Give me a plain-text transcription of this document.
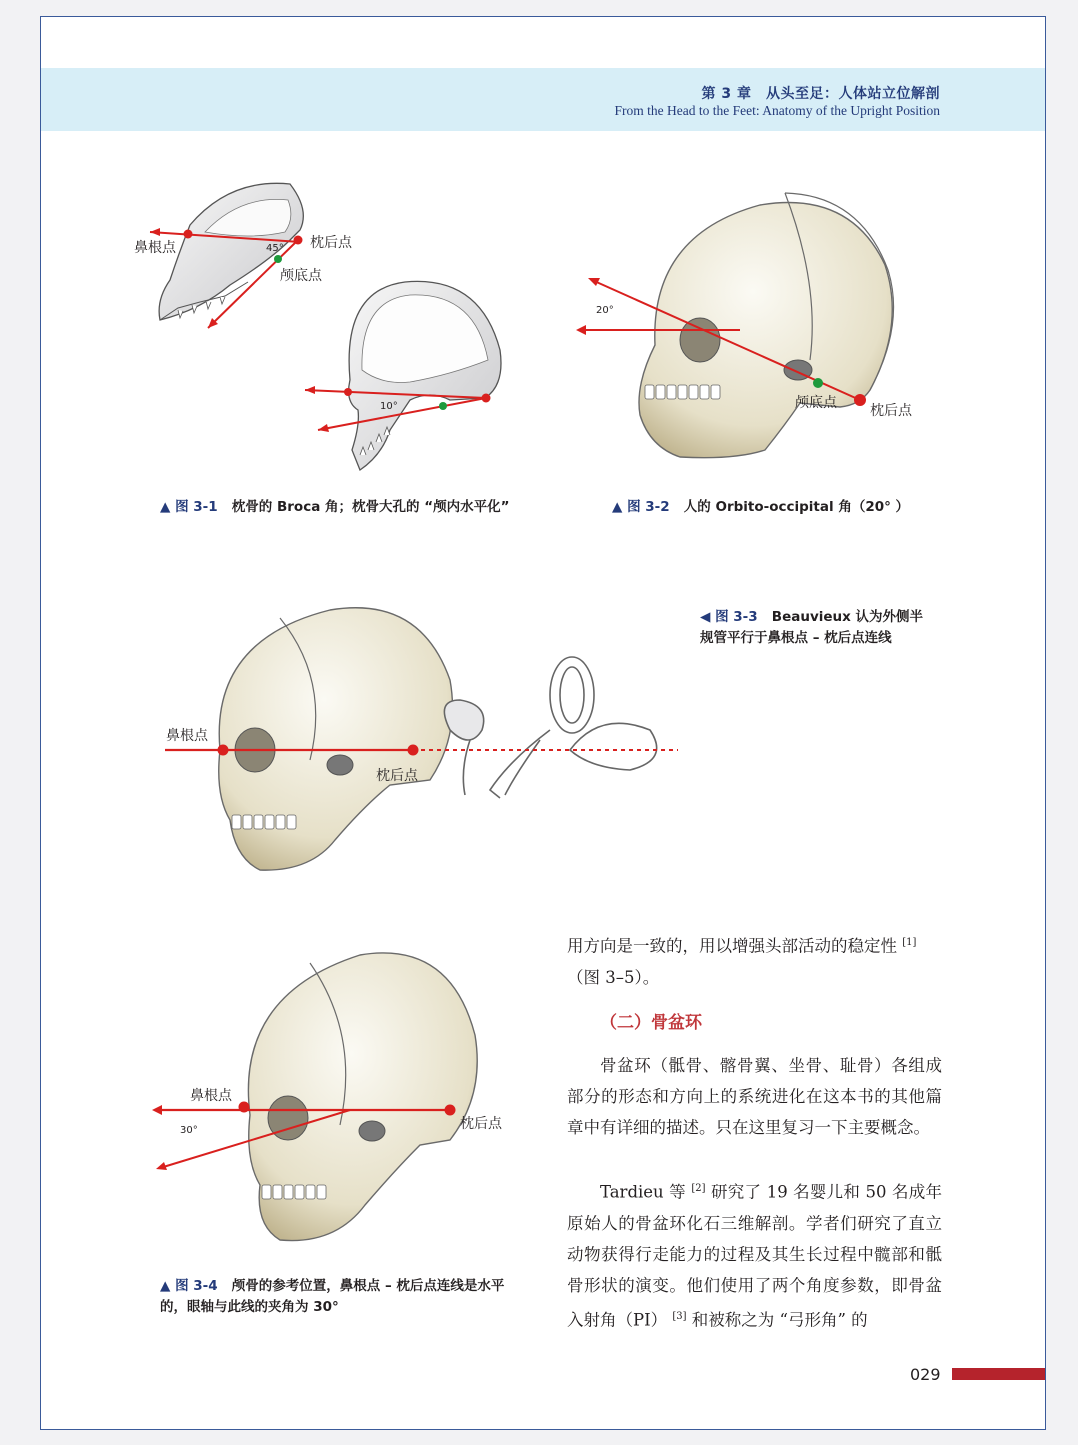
第 3 章　从头至足：人体站立位解剖
From the Head to the Feet: Anatomy of the Upright Position
鼻根点	枕后点
颅底点
45°
10°
▲ 图 3-1 枕骨的 Broca 角；枕骨大孔的 “颅内水平化”
20°
颅底点 枕后点
▲ 图 3-2 人的 Orbito-occipital 角（20° ）
鼻根点
枕后点
◀ 图 3-3 Beauvieux 认为外侧半规管平行于鼻根点 – 枕后点连线
鼻根点
枕后点
30°
▲ 图 3-4 颅骨的参考位置，鼻根点 – 枕后点连线是水平的，眼轴与此线的夹角为 30°

用方向是一致的，用以增强头部活动的稳定性 [1]
（图 3–5）。

（二）骨盆环

骨盆环（骶骨、髂骨翼、坐骨、耻骨）各组成部分的形态和方向上的系统进化在这本书的其他篇章中有详细的描述。只在这里复习一下主要概念。

Tardieu 等 [2] 研究了 19 名婴儿和 50 名成年原始人的骨盆环化石三维解剖。学者们研究了直立动物获得行走能力的过程及其生长过程中髋部和骶骨形状的演变。他们使用了两个角度参数，即骨盆入射角（PI） [3] 和被称之为 “弓形角” 的

029
